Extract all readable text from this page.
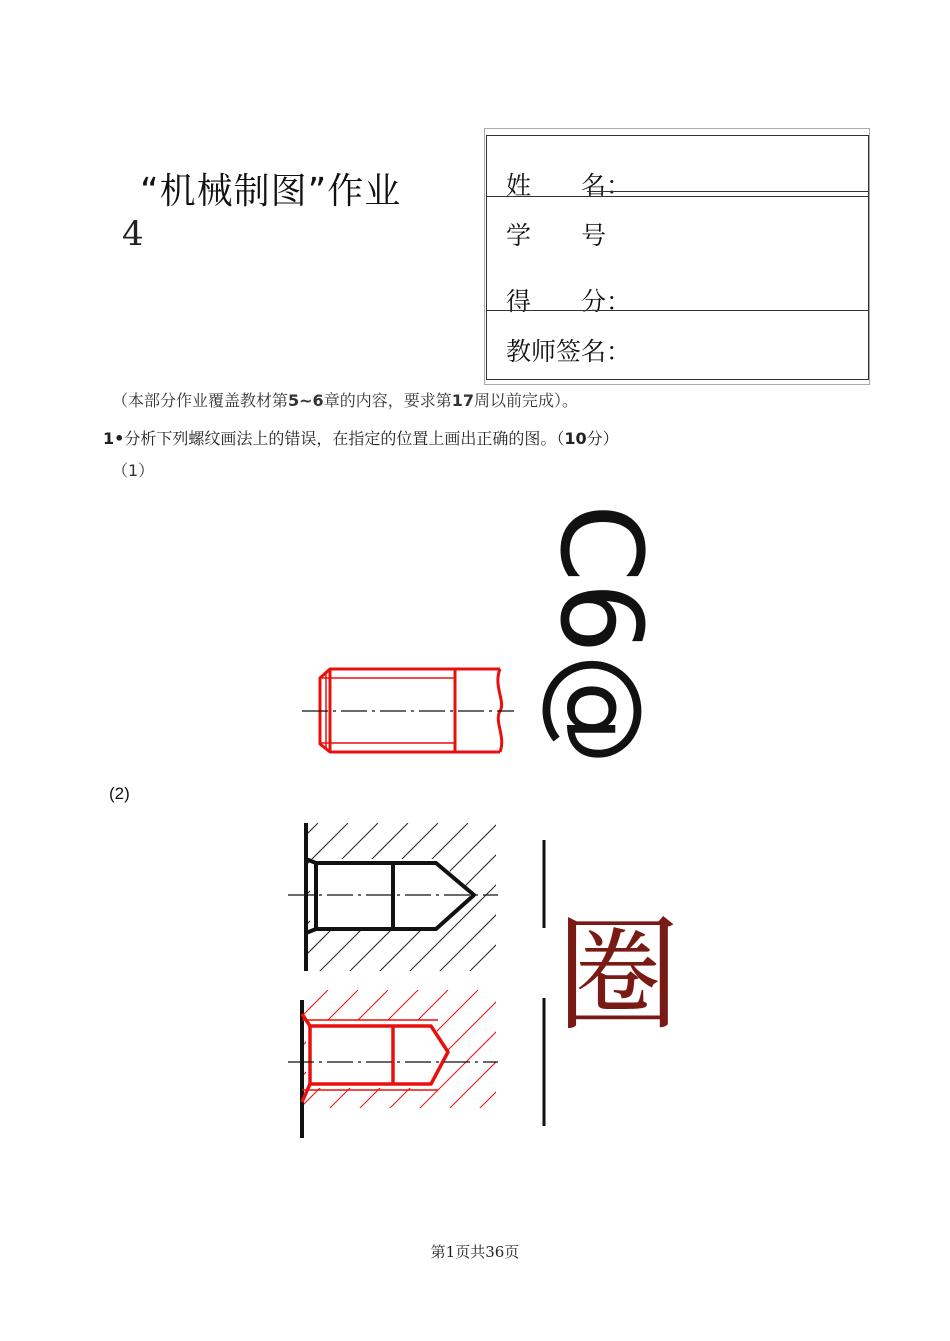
“机械制图”作业
4
姓　　名：
学　　号
得　　分：
教师签名：
（本部分作业覆盖教材第5~6章的内容，要求第17周以前完成）。
1•分析下列螺纹画法上的错误，在指定的位置上画出正确的图。（10分）
（1）
(2)
C6@
圈
第1页共36页
